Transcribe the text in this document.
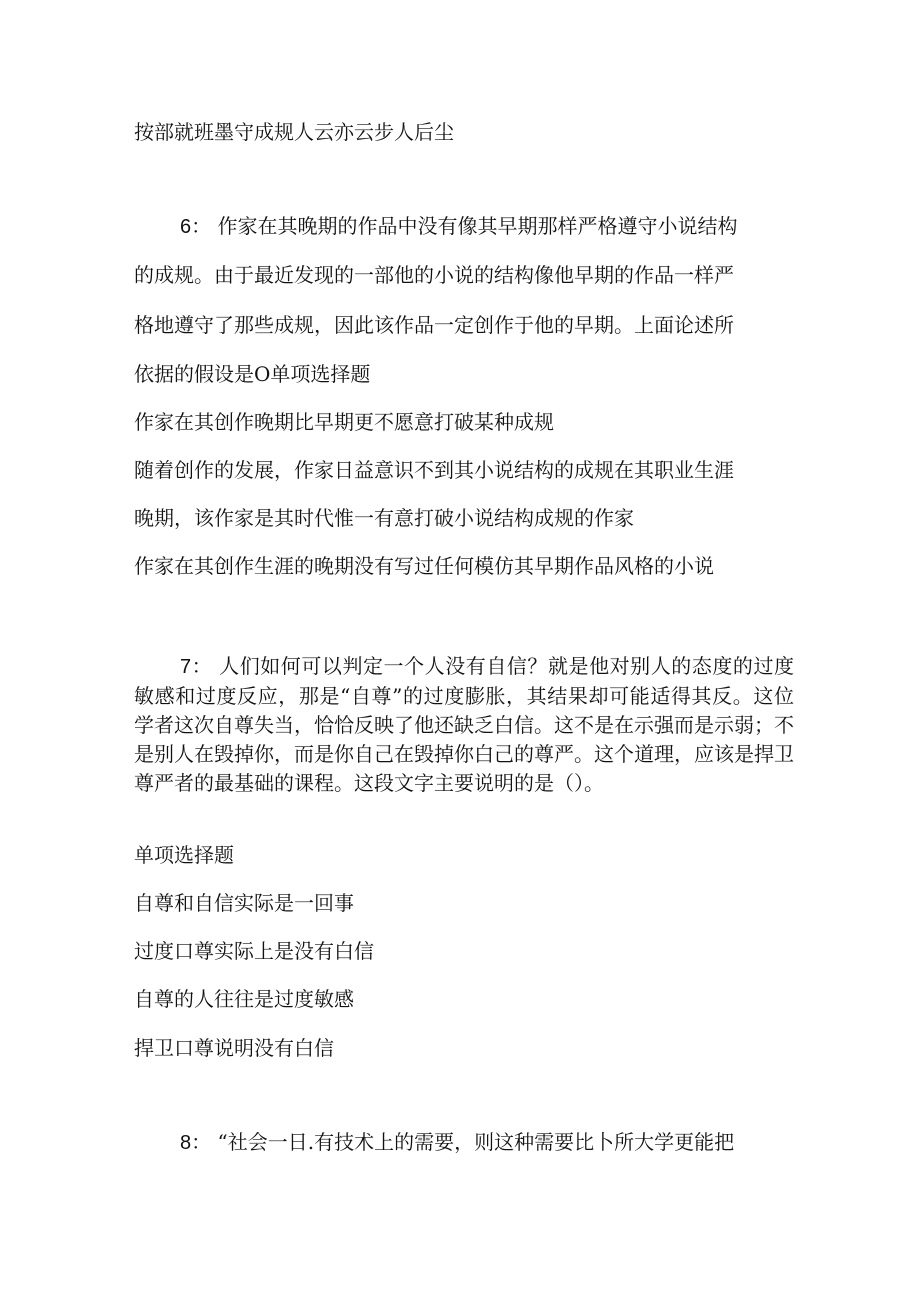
按部就班墨守成规人云亦云步人后尘

6： 作家在其晚期的作品中没有像其早期那样严格遵守小说结构

的成规。由于最近发现的一部他的小说的结构像他早期的作品一样严

格地遵守了那些成规，因此该作品一定创作于他的早期。上面论述所

依据的假设是O单项选择题

作家在其创作晚期比早期更不愿意打破某种成规

随着创作的发展，作家日益意识不到其小说结构的成规在其职业生涯

晚期，该作家是其时代惟一有意打破小说结构成规的作家

作家在其创作生涯的晚期没有写过任何模仿其早期作品风格的小说

7： 人们如何可以判定一个人没有自信？就是他对别人的态度的过度敏感和过度反应，那是“自尊”的过度膨胀，其结果却可能适得其反。这位学者这次自尊失当，恰恰反映了他还缺乏白信。这不是在示强而是示弱；不是别人在毁掉你，而是你自己在毁掉你白己的尊严。这个道理，应该是捍卫尊严者的最基础的课程。这段文字主要说明的是（）。

单项选择题

自尊和自信实际是一回事

过度口尊实际上是没有白信

自尊的人往往是过度敏感

捍卫口尊说明没有白信

8： “社会一日.有技术上的需要，则这种需要比卜所大学更能把
